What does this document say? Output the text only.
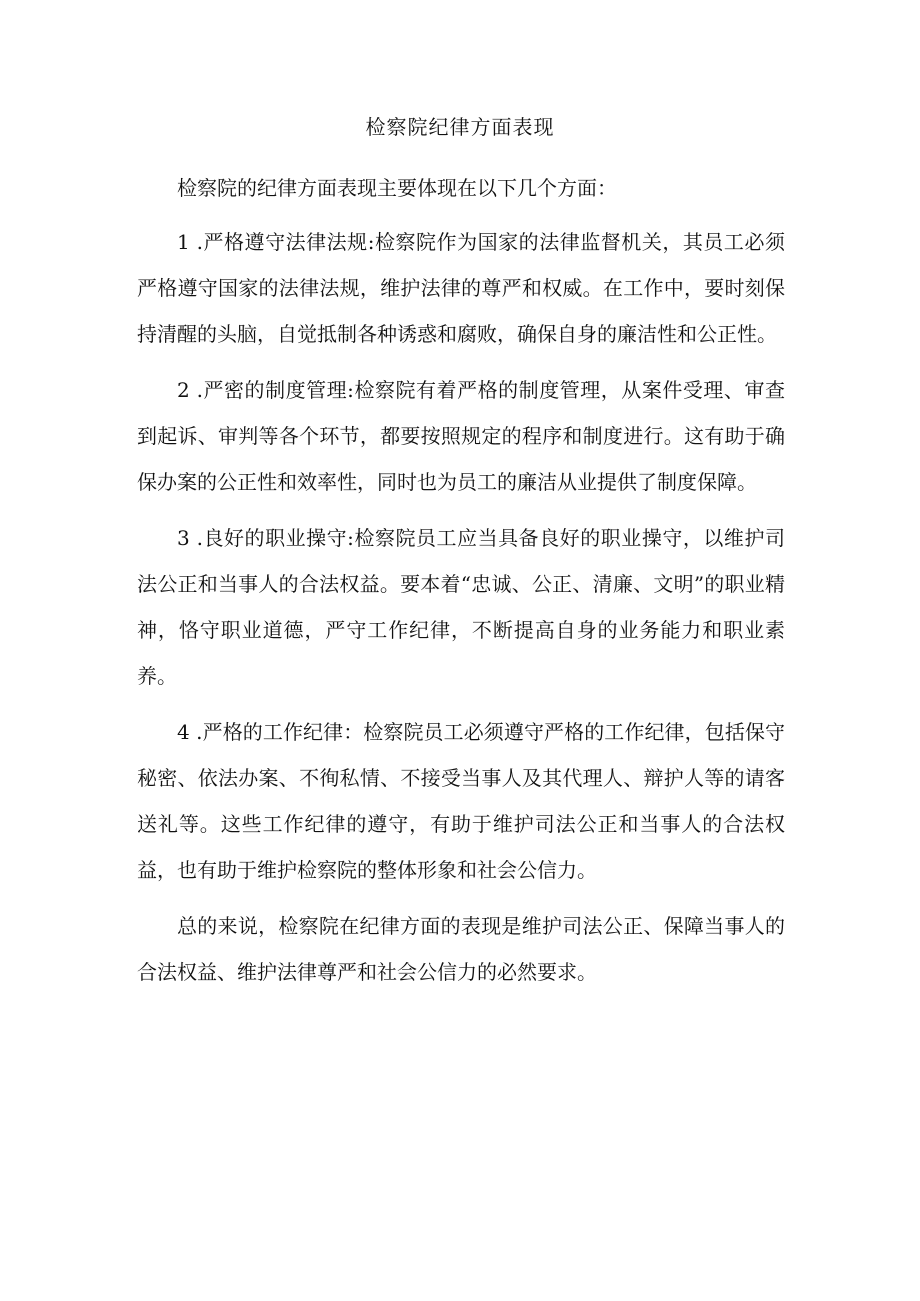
检察院纪律方面表现

检察院的纪律方面表现主要体现在以下几个方面：

1 .严格遵守法律法规:检察院作为国家的法律监督机关，其员工必须严格遵守国家的法律法规，维护法律的尊严和权威。在工作中，要时刻保持清醒的头脑，自觉抵制各种诱惑和腐败，确保自身的廉洁性和公正性。

2 .严密的制度管理:检察院有着严格的制度管理，从案件受理、审查到起诉、审判等各个环节，都要按照规定的程序和制度进行。这有助于确保办案的公正性和效率性，同时也为员工的廉洁从业提供了制度保障。

3 .良好的职业操守:检察院员工应当具备良好的职业操守，以维护司法公正和当事人的合法权益。要本着“忠诚、公正、清廉、文明”的职业精神，恪守职业道德，严守工作纪律，不断提高自身的业务能力和职业素养。

4 .严格的工作纪律：检察院员工必须遵守严格的工作纪律，包括保守秘密、依法办案、不徇私情、不接受当事人及其代理人、辩护人等的请客送礼等。这些工作纪律的遵守，有助于维护司法公正和当事人的合法权益，也有助于维护检察院的整体形象和社会公信力。

总的来说，检察院在纪律方面的表现是维护司法公正、保障当事人的合法权益、维护法律尊严和社会公信力的必然要求。
